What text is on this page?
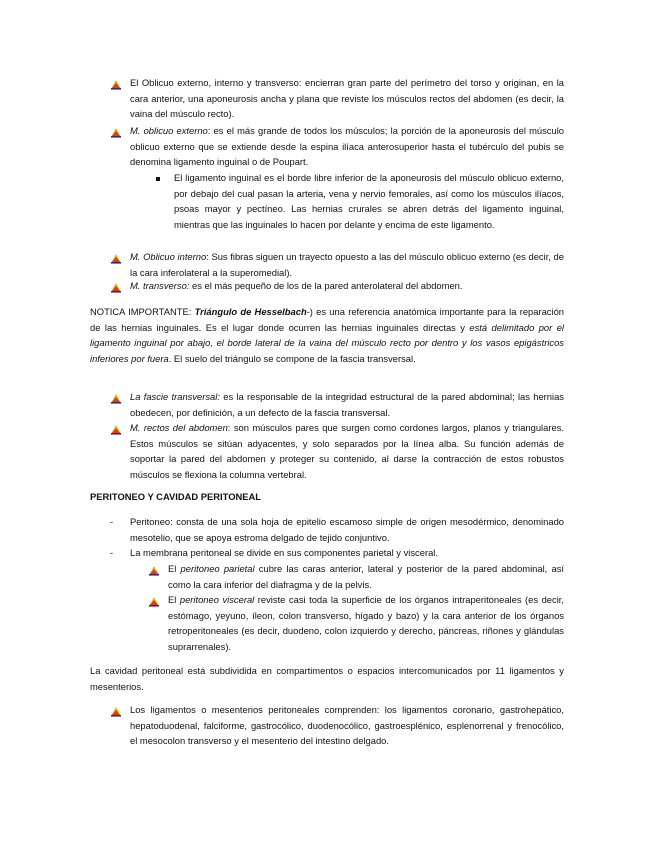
El Oblicuo externo, interno y transverso: encierran gran parte del perímetro del torso y originan, en la cara anterior, una aponeurosis ancha y plana que reviste los músculos rectos del abdomen (es decir, la vaina del músculo recto).
M. oblicuo externo: es el más grande de todos los músculos; la porción de la aponeurosis del músculo oblicuo externo que se extiende desde la espina ilíaca anterosuperior hasta el tubérculo del pubis se denomina ligamento inguinal o de Poupart.
El ligamento inguinal es el borde libre inferior de la aponeurosis del músculo oblicuo externo, por debajo del cual pasan la arteria, vena y nervio femorales, así como los músculos ilíacos, psoas mayor y pectíneo. Las hernias crurales se abren detrás del ligamento inguinal, mientras que las inguinales lo hacen por delante y encima de este ligamento.
M. Oblicuo interno: Sus fibras siguen un trayecto opuesto a las del músculo oblicuo externo (es decir, de la cara inferolateral a la superomedial).
M. transverso: es el más pequeño de los de la pared anterolateral del abdomen.
NOTICA IMPORTANTE: Triángulo de Hesselbach-) es una referencia anatómica importante para la reparación de las hernias inguinales. Es el lugar donde ocurren las hernias inguinales directas y está delimitado por el ligamento inguinal por abajo, el borde lateral de la vaina del músculo recto por dentro y los vasos epigástricos inferiores por fuera. El suelo del triángulo se compone de la fascia transversal.
La fascie transversal: es la responsable de la integridad estructural de la pared abdominal; las hernias obedecen, por definición, a un defecto de la fascia transversal.
M. rectos del abdomen: son músculos pares que surgen como cordones largos, planos y triangulares. Estos músculos se sitúan adyacentes, y solo separados por la línea alba. Su función además de soportar la pared del abdomen y proteger su contenido, al darse la contracción de estos robustos músculos se flexiona la columna vertebral.
PERITONEO Y CAVIDAD PERITONEAL
- Peritoneo: consta de una sola hoja de epitelio escamoso simple de origen mesodérmico, denominado mesotelio, que se apoya estroma delgado de tejido conjuntivo.
- La membrana peritoneal se divide en sus componentes parietal y visceral.
El peritoneo parietal cubre las caras anterior, lateral y posterior de la pared abdominal, así como la cara inferior del diafragma y de la pelvis.
El peritoneo visceral reviste casi toda la superficie de los órganos intraperitoneales (es decir, estómago, yeyuno, íleon, colon transverso, hígado y bazo) y la cara anterior de los órganos retroperitoneales (es decir, duodeno, colon izquierdo y derecho, páncreas, riñones y glándulas suprarrenales).
La cavidad peritoneal está subdividida en compartimentos o espacios intercomunicados por 11 ligamentos y mesenterios.
Los ligamentos o mesenterios peritoneales comprenden: los ligamentos coronario, gastrohepático, hepatoduodenal, falciforme, gastrocólico, duodenocólico, gastroesplénico, esplenorrenal y frenocólico, el mesocolon transverso y el mesenterio del intestino delgado.
